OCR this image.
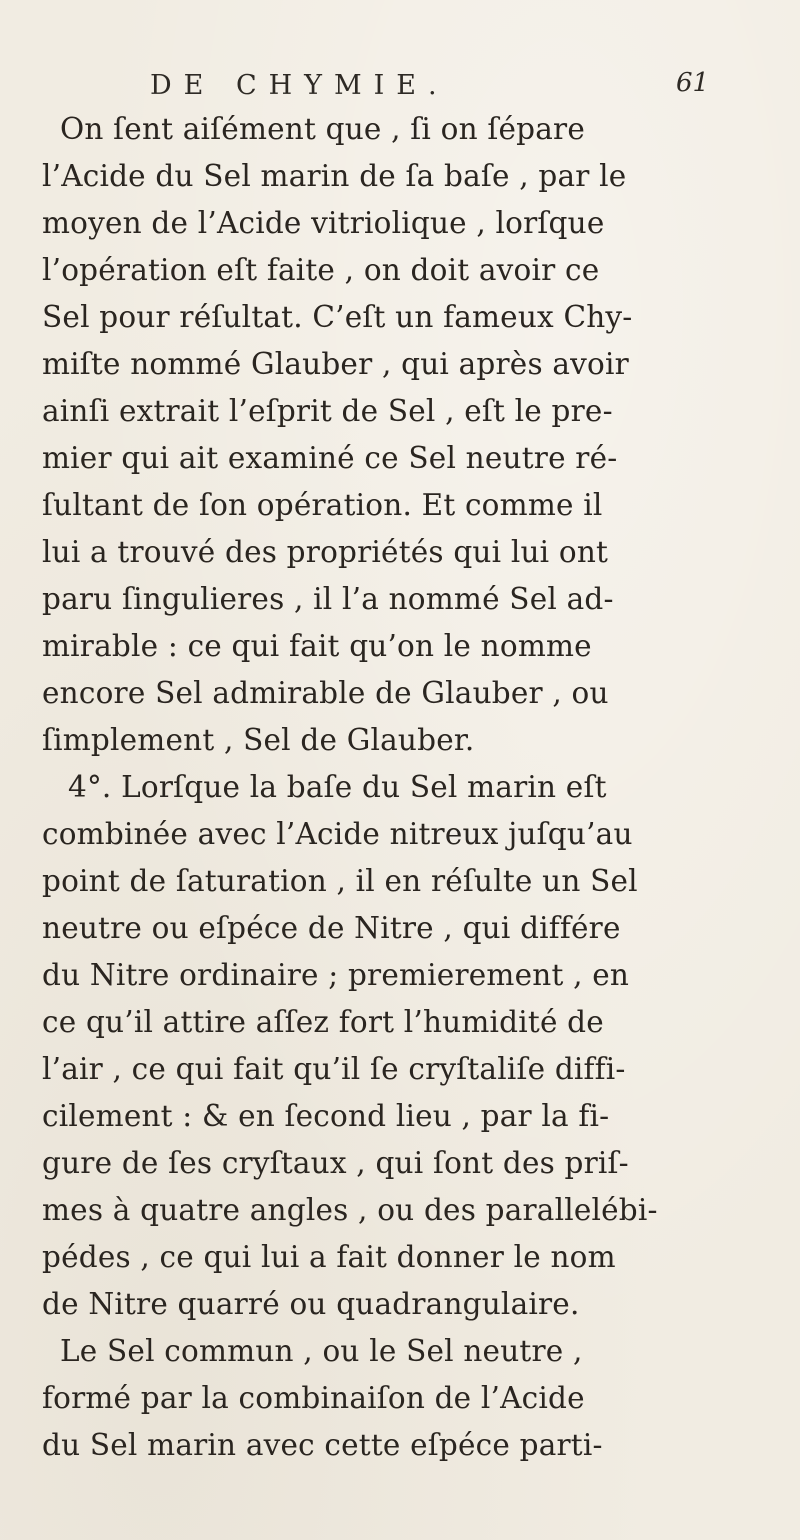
DE CHYMIE.	61
On ſent aiſément que , ſi on ſépare
l’Acide du Sel marin de ſa baſe , par le
moyen de l’Acide vitriolique , lorſque
l’opération eſt faite , on doit avoir ce
Sel pour réſultat. C’eſt un fameux Chy-
miſte nommé Glauber , qui après avoir
ainſi extrait l’eſprit de Sel , eſt le pre-
mier qui ait examiné ce Sel neutre ré-
ſultant de ſon opération. Et comme il
lui a trouvé des propriétés qui lui ont
paru ſingulieres , il l’a nommé Sel ad-
mirable : ce qui fait qu’on le nomme
encore Sel admirable de Glauber , ou
ſimplement , Sel de Glauber.
4°. Lorſque la baſe du Sel marin eſt
combinée avec l’Acide nitreux juſqu’au
point de ſaturation , il en réſulte un Sel
neutre ou eſpéce de Nitre , qui différe
du Nitre ordinaire ; premierement , en
ce qu’il attire aſſez fort l’humidité de
l’air , ce qui fait qu’il ſe cryſtaliſe diffi-
cilement : & en ſecond lieu , par la fi-
gure de ſes cryſtaux , qui ſont des priſ-
mes à quatre angles , ou des parallelébi-
pédes , ce qui lui a fait donner le nom
de Nitre quarré ou quadrangulaire.
Le Sel commun , ou le Sel neutre ,
formé par la combinaiſon de l’Acide
du Sel marin avec cette eſpéce parti-
